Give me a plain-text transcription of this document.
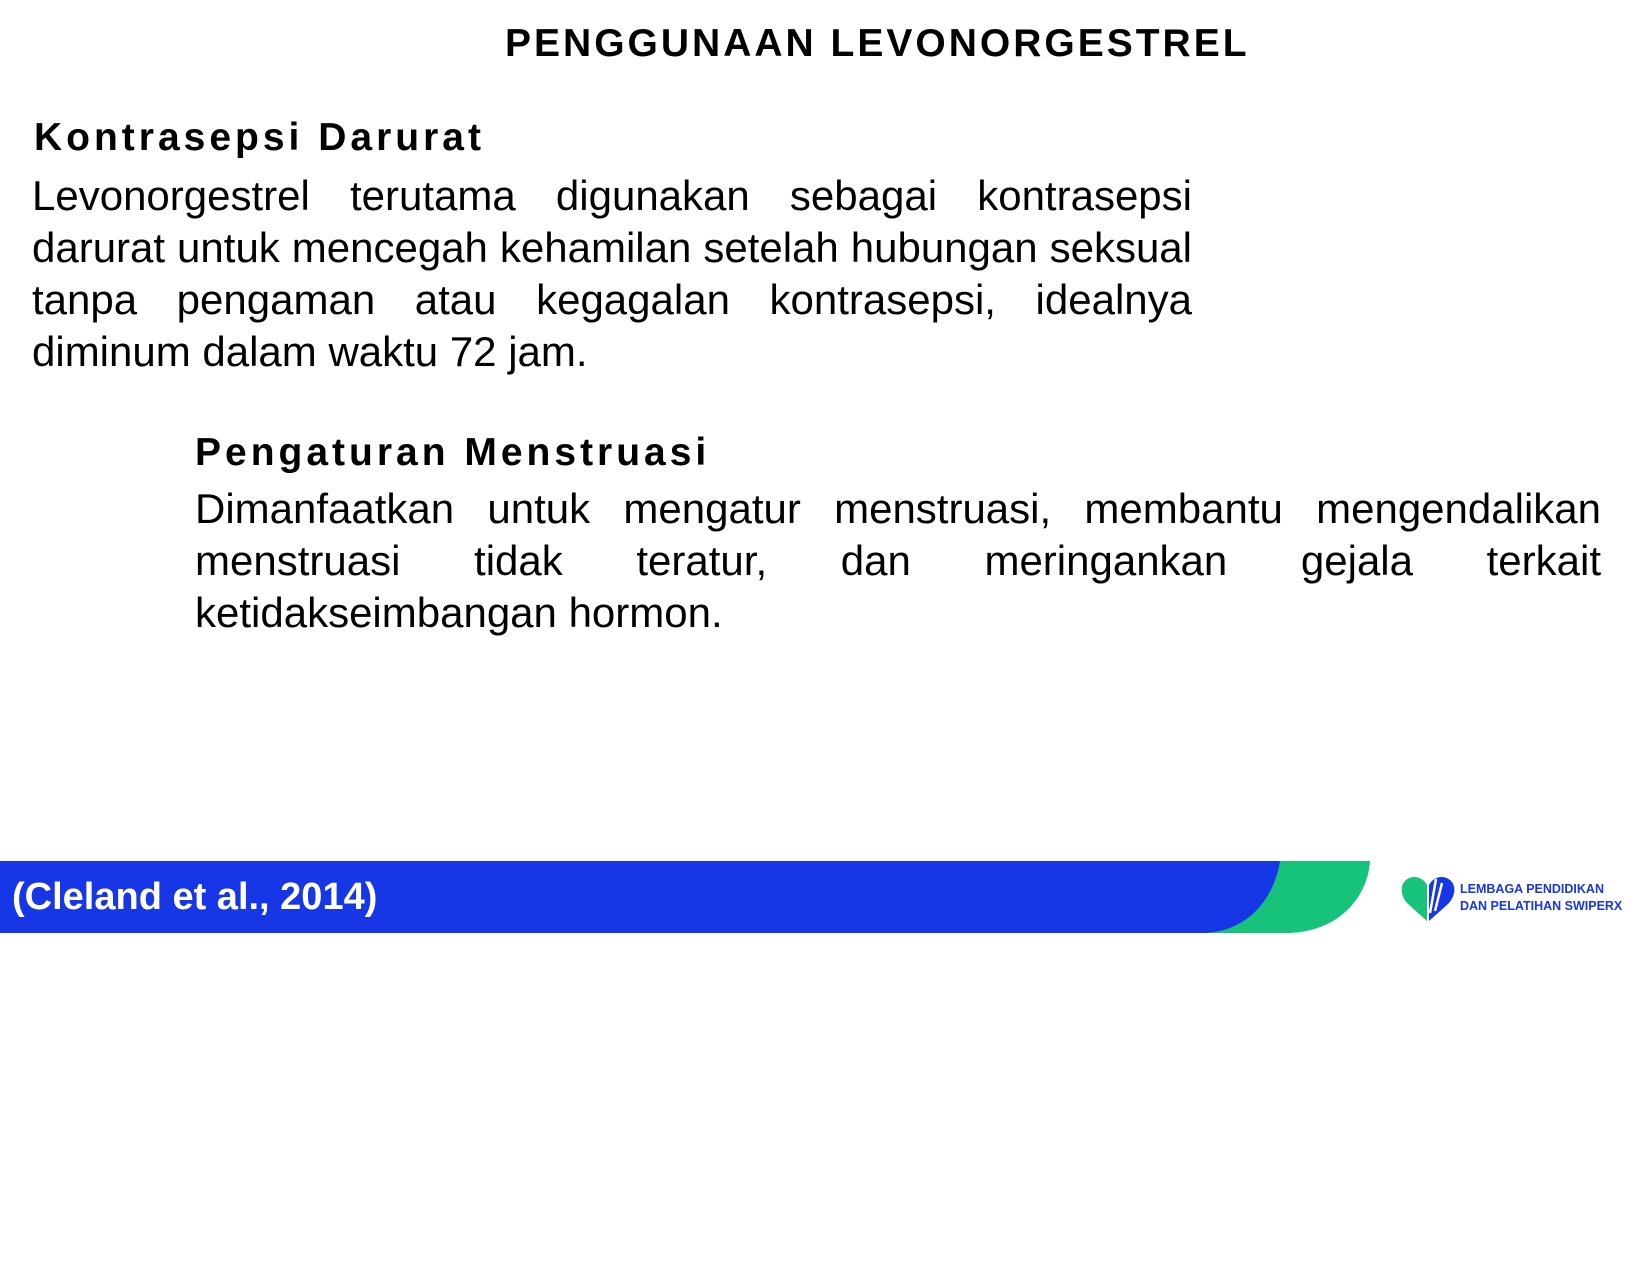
PENGGUNAAN LEVONORGESTREL
Kontrasepsi Darurat
Levonorgestrel terutama digunakan sebagai kontrasepsi darurat untuk mencegah kehamilan setelah hubungan seksual tanpa pengaman atau kegagalan kontrasepsi, idealnya diminum dalam waktu 72 jam.
Pengaturan Menstruasi
Dimanfaatkan untuk mengatur menstruasi, membantu mengendalikan menstruasi tidak teratur, dan meringankan gejala terkait ketidakseimbangan hormon.
(Cleland et al., 2014)	LEMBAGA PENDIDIKAN
DAN PELATIHAN SWIPERX
